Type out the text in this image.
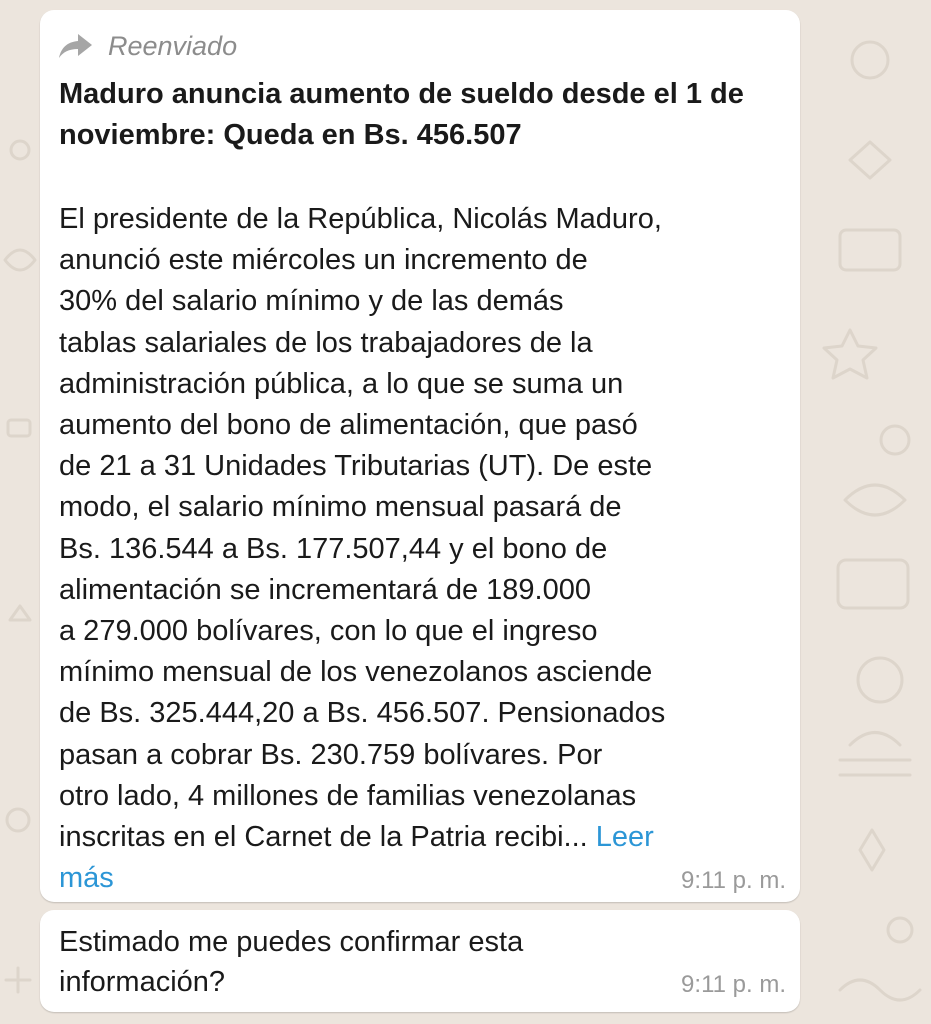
Reenviado

Maduro anuncia aumento de sueldo desde el 1 de noviembre: Queda en Bs. 456.507

El presidente de la República, Nicolás Maduro,
anunció este miércoles un incremento de
30% del salario mínimo y de las demás
tablas salariales de los trabajadores de la
administración pública, a lo que se suma un
aumento del bono de alimentación, que pasó
de 21 a 31 Unidades Tributarias (UT). De este
modo, el salario mínimo mensual pasará de
Bs. 136.544 a Bs. 177.507,44 y el bono de
alimentación se incrementará de 189.000
a 279.000 bolívares, con lo que el ingreso
mínimo mensual de los venezolanos asciende
de Bs. 325.444,20 a Bs. 456.507. Pensionados
pasan a cobrar Bs. 230.759 bolívares. Por
otro lado, 4 millones de familias venezolanas
inscritas en el Carnet de la Patria recibi... Leer
más	9:11 p. m.

Estimado me puedes confirmar esta
información?	9:11 p. m.
